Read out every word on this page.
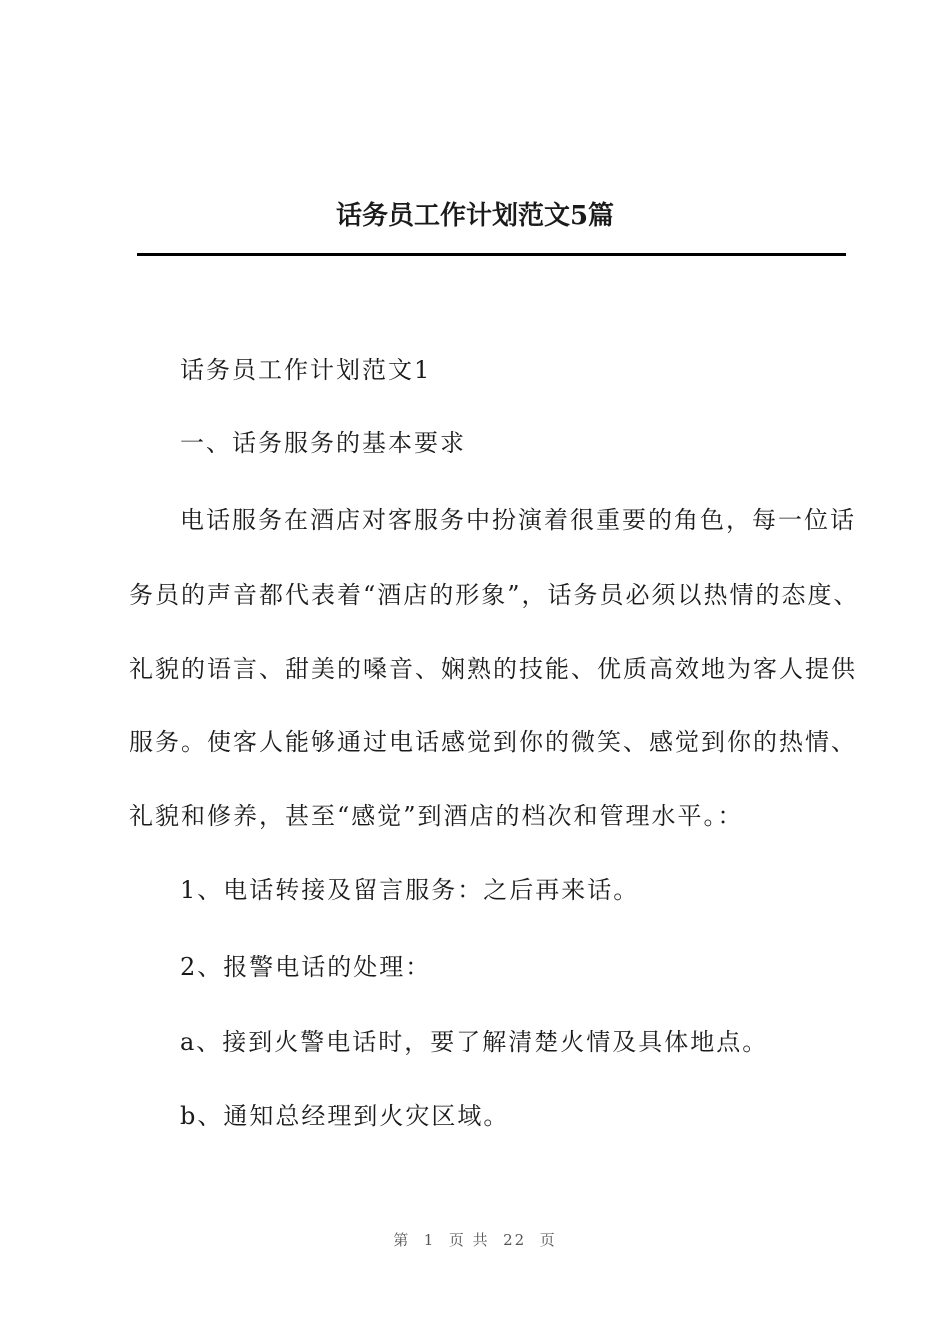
话务员工作计划范文5篇
话务员工作计划范文1
一、话务服务的基本要求
电话服务在酒店对客服务中扮演着很重要的角色，每一位话
务员的声音都代表着“酒店的形象”，话务员必须以热情的态度、
礼貌的语言、甜美的嗓音、娴熟的技能、优质高效地为客人提供
服务。使客人能够通过电话感觉到你的微笑、感觉到你的热情、
礼貌和修养，甚至“感觉”到酒店的档次和管理水平。：
1、电话转接及留言服务：之后再来话。
2、报警电话的处理：
a、接到火警电话时，要了解清楚火情及具体地点。
b、通知总经理到火灾区域。
第  1  页 共  22  页
